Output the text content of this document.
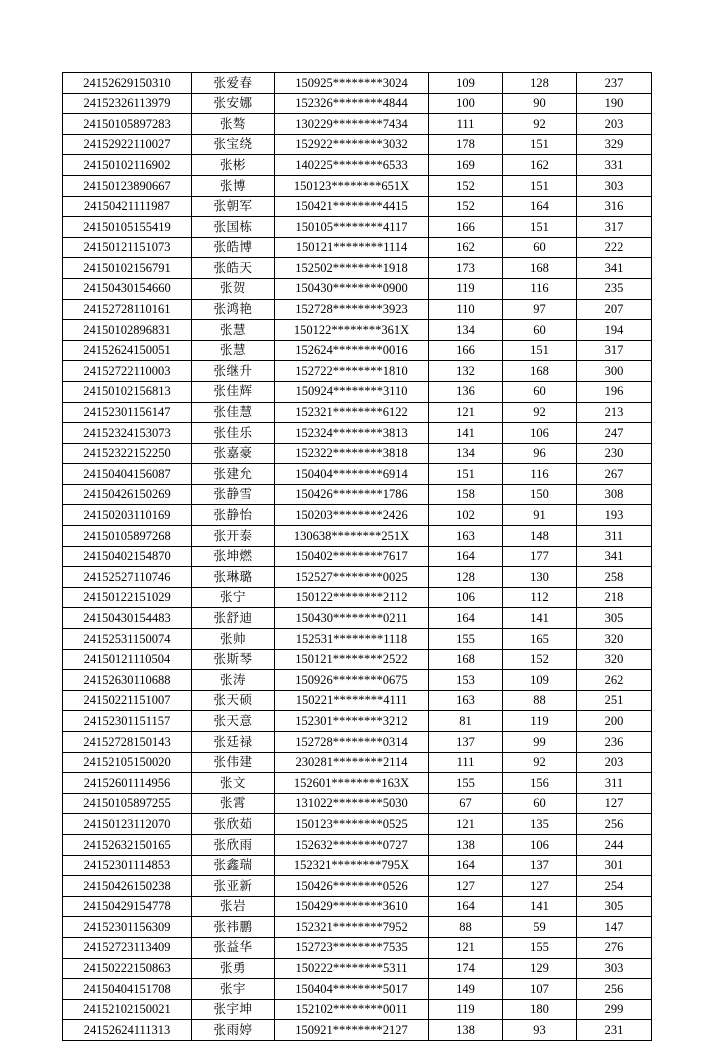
24152629150310	张爱春	150925********3024	109	128	237
24152326113979	张安娜	152326********4844	100	90	190
24150105897283	张骜	130229********7434	111	92	203
24152922110027	张宝绕	152922********3032	178	151	329
24150102116902	张彬	140225********6533	169	162	331
24150123890667	张博	150123********651X	152	151	303
24150421111987	张朝军	150421********4415	152	164	316
24150105155419	张国栋	150105********4117	166	151	317
24150121151073	张皓博	150121********1114	162	60	222
24150102156791	张皓天	152502********1918	173	168	341
24150430154660	张贺	150430********0900	119	116	235
24152728110161	张鸿艳	152728********3923	110	97	207
24150102896831	张慧	150122********361X	134	60	194
24152624150051	张慧	152624********0016	166	151	317
24152722110003	张继升	152722********1810	132	168	300
24150102156813	张佳辉	150924********3110	136	60	196
24152301156147	张佳慧	152321********6122	121	92	213
24152324153073	张佳乐	152324********3813	141	106	247
24152322152250	张嘉豪	152322********3818	134	96	230
24150404156087	张建允	150404********6914	151	116	267
24150426150269	张静雪	150426********1786	158	150	308
24150203110169	张静怡	150203********2426	102	91	193
24150105897268	张开泰	130638********251X	163	148	311
24150402154870	张坤燃	150402********7617	164	177	341
24152527110746	张琳璐	152527********0025	128	130	258
24150122151029	张宁	150122********2112	106	112	218
24150430154483	张舒迪	150430********0211	164	141	305
24152531150074	张帅	152531********1118	155	165	320
24150121110504	张斯琴	150121********2522	168	152	320
24152630110688	张涛	150926********0675	153	109	262
24150221151007	张天硕	150221********4111	163	88	251
24152301151157	张天意	152301********3212	81	119	200
24152728150143	张廷禄	152728********0314	137	99	236
24152105150020	张伟建	230281********2114	111	92	203
24152601114956	张文	152601********163X	155	156	311
24150105897255	张霄	131022********5030	67	60	127
24150123112070	张欣茹	150123********0525	121	135	256
24152632150165	张欣雨	152632********0727	138	106	244
24152301114853	张鑫瑞	152321********795X	164	137	301
24150426150238	张亚新	150426********0526	127	127	254
24150429154778	张岩	150429********3610	164	141	305
24152301156309	张祎鹏	152321********7952	88	59	147
24152723113409	张益华	152723********7535	121	155	276
24150222150863	张勇	150222********5311	174	129	303
24150404151708	张宇	150404********5017	149	107	256
24152102150021	张宇坤	152102********0011	119	180	299
24152624111313	张雨婷	150921********2127	138	93	231
